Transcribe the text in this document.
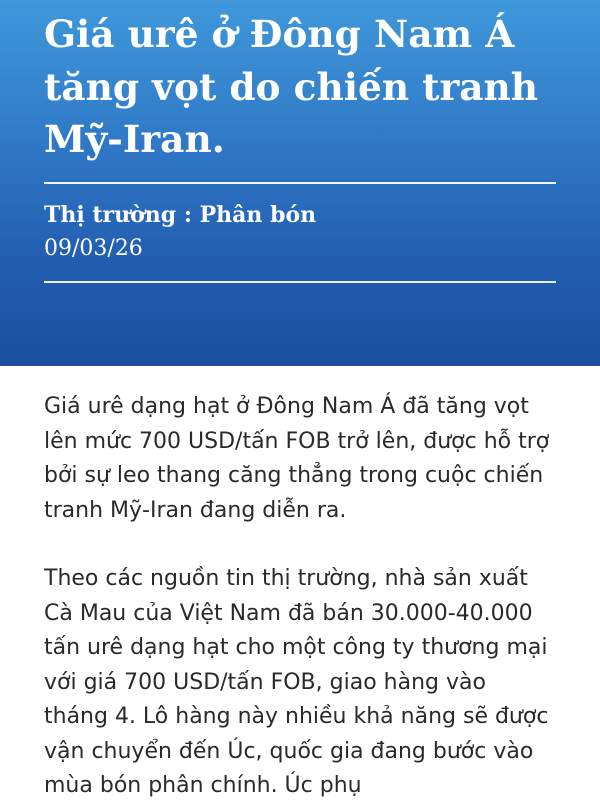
Giá urê ở Đông Nam Á tăng vọt do chiến tranh Mỹ-Iran.

Thị trường : Phân bón

09/03/26

Giá urê dạng hạt ở Đông Nam Á đã tăng vọt lên mức 700 USD/tấn FOB trở lên, được hỗ trợ bởi sự leo thang căng thẳng trong cuộc chiến tranh Mỹ-Iran đang diễn ra.

Theo các nguồn tin thị trường, nhà sản xuất Cà Mau của Việt Nam đã bán 30.000-40.000 tấn urê dạng hạt cho một công ty thương mại với giá 700 USD/tấn FOB, giao hàng vào tháng 4. Lô hàng này nhiều khả năng sẽ được vận chuyển đến Úc, quốc gia đang bước vào mùa bón phân chính. Úc phụ
